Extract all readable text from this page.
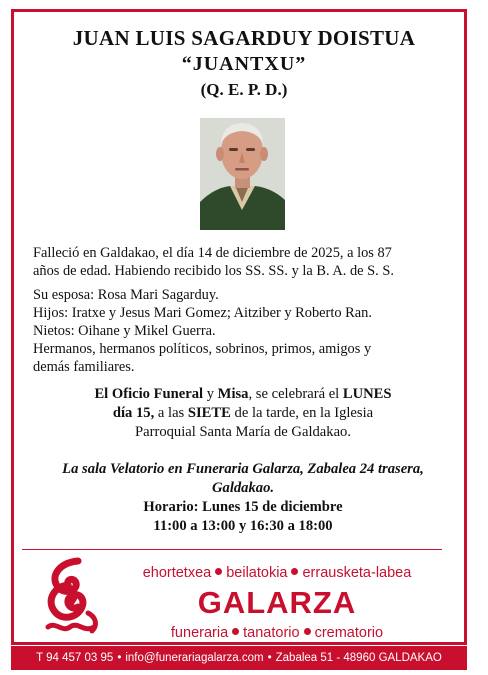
JUAN LUIS SAGARDUY DOISTUA
“JUANTXU”
(Q. E. P. D.)
Falleció en Galdakao, el día 14 de diciembre de 2025, a los 87
años de edad. Habiendo recibido los SS. SS. y la B. A. de S. S.
Su esposa: Rosa Mari Sagarduy.
Hijos: Iratxe y Jesus Mari Gomez; Aitziber y Roberto Ran.
Nietos: Oihane y Mikel Guerra.
Hermanos, hermanos políticos, sobrinos, primos, amigos y
demás familiares.
El Oficio Funeral y Misa, se celebrará el LUNES
día 15, a las SIETE de la tarde, en la Iglesia
Parroquial Santa María de Galdakao.
La sala Velatorio en Funeraria Galarza, Zabalea 24 trasera,
Galdakao.
Horario: Lunes 15 de diciembre
11:00 a 13:00 y 16:30 a 18:00
ehortetxea beilatokia errausketa-labea
GALARZA
funeraria tanatorio crematorio
T 94 457 03 95 • info@funerariagalarza.com • Zabalea 51 - 48960 GALDAKAO
